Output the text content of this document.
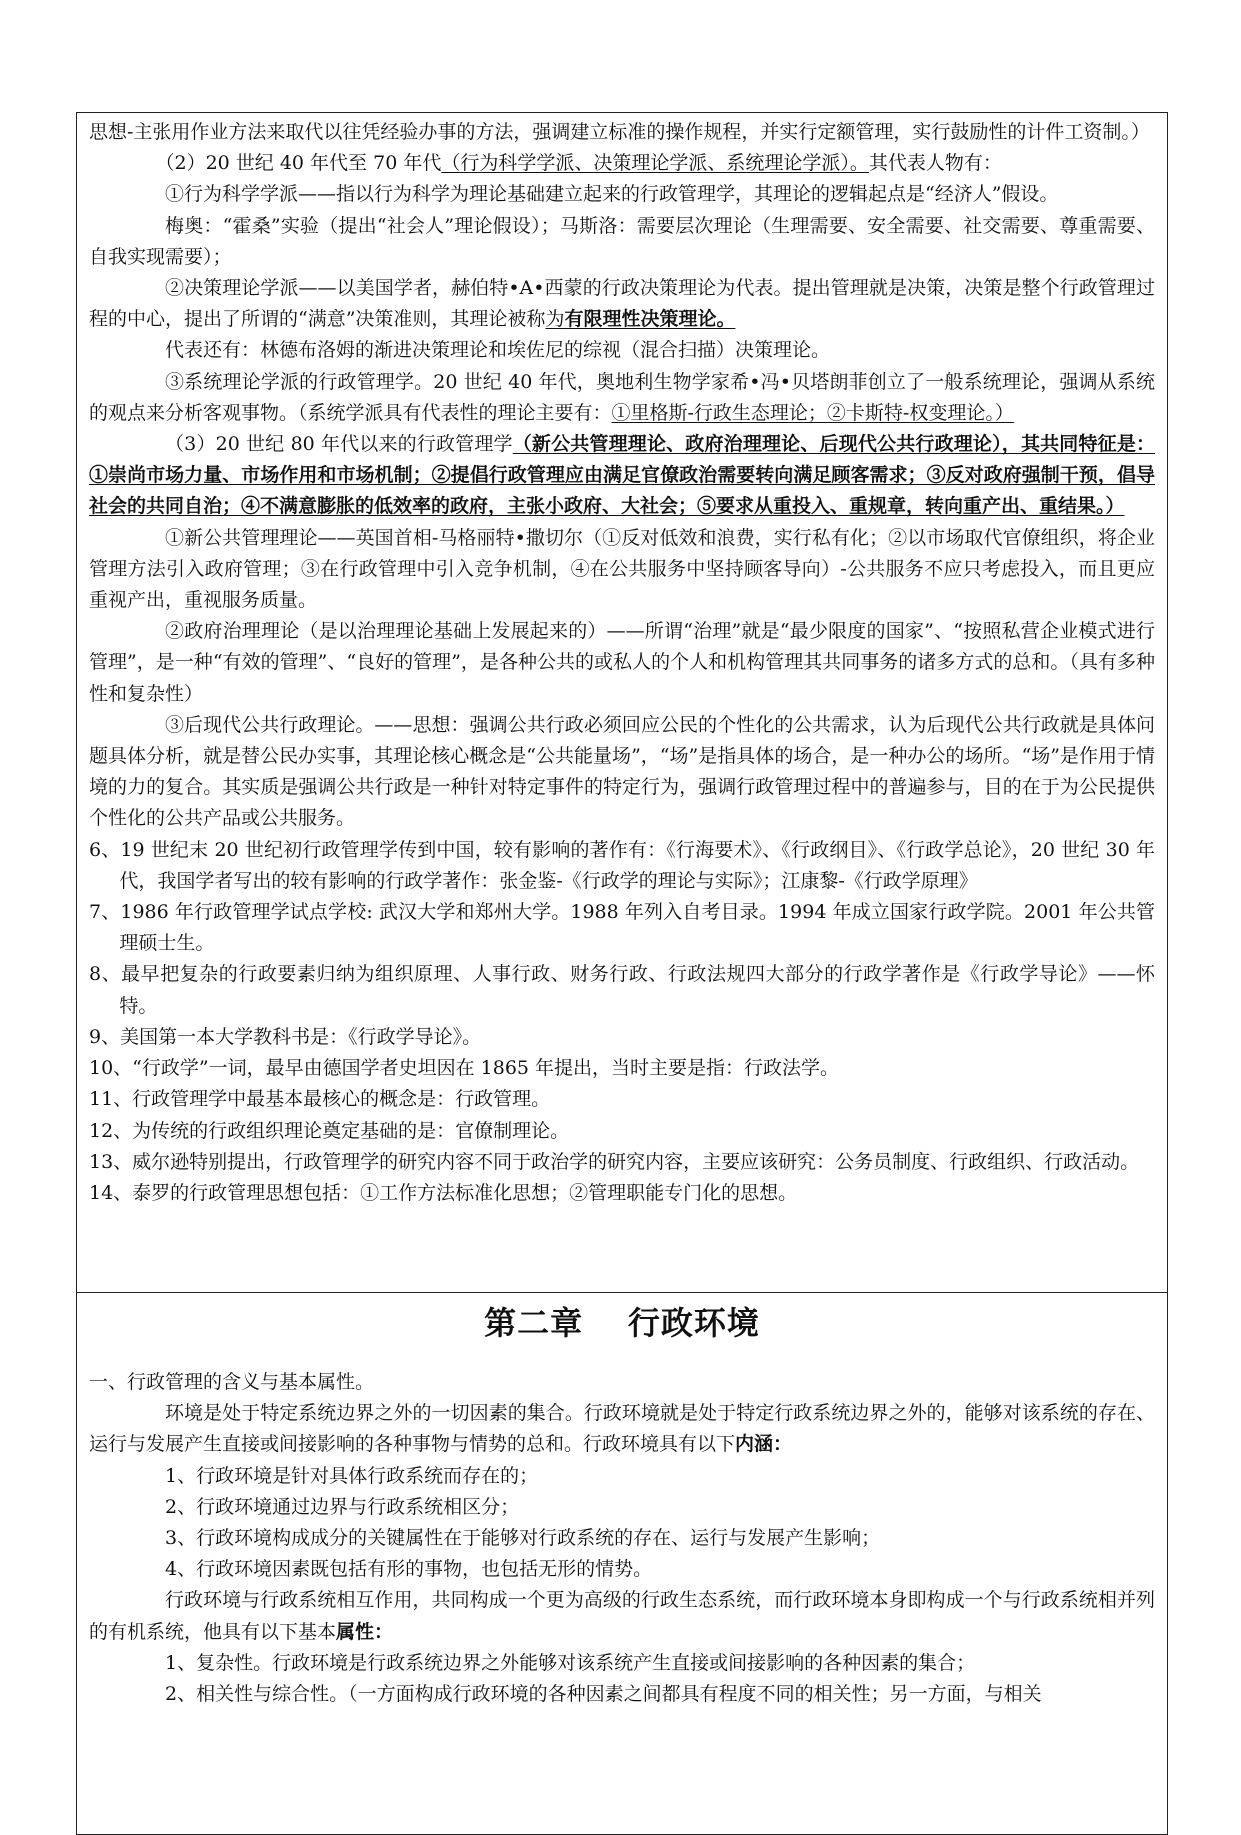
思想-主张用作业方法来取代以往凭经验办事的方法，强调建立标准的操作规程，并实行定额管理，实行鼓励性的计件工资制。）

（2）20 世纪 40 年代至 70 年代（行为科学学派、决策理论学派、系统理论学派）。其代表人物有：

①行为科学学派——指以行为科学为理论基础建立起来的行政管理学，其理论的逻辑起点是“经济人”假设。

梅奥：“霍桑”实验（提出“社会人”理论假设）；马斯洛：需要层次理论（生理需要、安全需要、社交需要、尊重需要、自我实现需要）；

②决策理论学派——以美国学者，赫伯特•A•西蒙的行政决策理论为代表。提出管理就是决策，决策是整个行政管理过程的中心，提出了所谓的“满意”决策准则，其理论被称为有限理性决策理论。

代表还有：林德布洛姆的渐进决策理论和埃佐尼的综视（混合扫描）决策理论。

③系统理论学派的行政管理学。20 世纪 40 年代，奥地利生物学家希•冯•贝塔朗菲创立了一般系统理论，强调从系统的观点来分析客观事物。（系统学派具有代表性的理论主要有：①里格斯-行政生态理论；②卡斯特-权变理论。）

（3）20 世纪 80 年代以来的行政管理学（新公共管理理论、政府治理理论、后现代公共行政理论），其共同特征是：①崇尚市场力量、市场作用和市场机制；②提倡行政管理应由满足官僚政治需要转向满足顾客需求；③反对政府强制干预，倡导社会的共同自治；④不满意膨胀的低效率的政府，主张小政府、大社会；⑤要求从重投入、重规章，转向重产出、重结果。）

①新公共管理理论——英国首相-马格丽特•撒切尔（①反对低效和浪费，实行私有化；②以市场取代官僚组织，将企业管理方法引入政府管理；③在行政管理中引入竞争机制，④在公共服务中坚持顾客导向）-公共服务不应只考虑投入，而且更应重视产出，重视服务质量。

②政府治理理论（是以治理理论基础上发展起来的）——所谓“治理”就是“最少限度的国家”、“按照私营企业模式进行管理”，是一种“有效的管理”、“良好的管理”，是各种公共的或私人的个人和机构管理其共同事务的诸多方式的总和。（具有多种性和复杂性）

③后现代公共行政理论。——思想：强调公共行政必须回应公民的个性化的公共需求，认为后现代公共行政就是具体问题具体分析，就是替公民办实事，其理论核心概念是“公共能量场”，“场”是指具体的场合，是一种办公的场所。“场”是作用于情境的力的复合。其实质是强调公共行政是一种针对特定事件的特定行为，强调行政管理过程中的普遍参与，目的在于为公民提供个性化的公共产品或公共服务。

6、19 世纪末 20 世纪初行政管理学传到中国，较有影响的著作有：《行海要术》、《行政纲目》、《行政学总论》，20 世纪 30 年代，我国学者写出的较有影响的行政学著作：张金鉴-《行政学的理论与实际》；江康黎-《行政学原理》

7、1986 年行政管理学试点学校: 武汉大学和郑州大学。1988 年列入自考目录。1994 年成立国家行政学院。2001 年公共管理硕士生。

8、最早把复杂的行政要素归纳为组织原理、人事行政、财务行政、行政法规四大部分的行政学著作是《行政学导论》——怀特。

9、美国第一本大学教科书是：《行政学导论》。

10、“行政学”一词，最早由德国学者史坦因在 1865 年提出，当时主要是指：行政法学。

11、行政管理学中最基本最核心的概念是：行政管理。

12、为传统的行政组织理论奠定基础的是：官僚制理论。

13、威尔逊特别提出，行政管理学的研究内容不同于政治学的研究内容，主要应该研究：公务员制度、行政组织、行政活动。

14、泰罗的行政管理思想包括：①工作方法标准化思想；②管理职能专门化的思想。

第二章 行政环境

一、行政管理的含义与基本属性。

环境是处于特定系统边界之外的一切因素的集合。行政环境就是处于特定行政系统边界之外的，能够对该系统的存在、运行与发展产生直接或间接影响的各种事物与情势的总和。行政环境具有以下内涵：

1、行政环境是针对具体行政系统而存在的；

2、行政环境通过边界与行政系统相区分；

3、行政环境构成成分的关键属性在于能够对行政系统的存在、运行与发展产生影响；

4、行政环境因素既包括有形的事物，也包括无形的情势。

行政环境与行政系统相互作用，共同构成一个更为高级的行政生态系统，而行政环境本身即构成一个与行政系统相并列的有机系统，他具有以下基本属性：

1、复杂性。行政环境是行政系统边界之外能够对该系统产生直接或间接影响的各种因素的集合；

2、相关性与综合性。（一方面构成行政环境的各种因素之间都具有程度不同的相关性；另一方面，与相关
